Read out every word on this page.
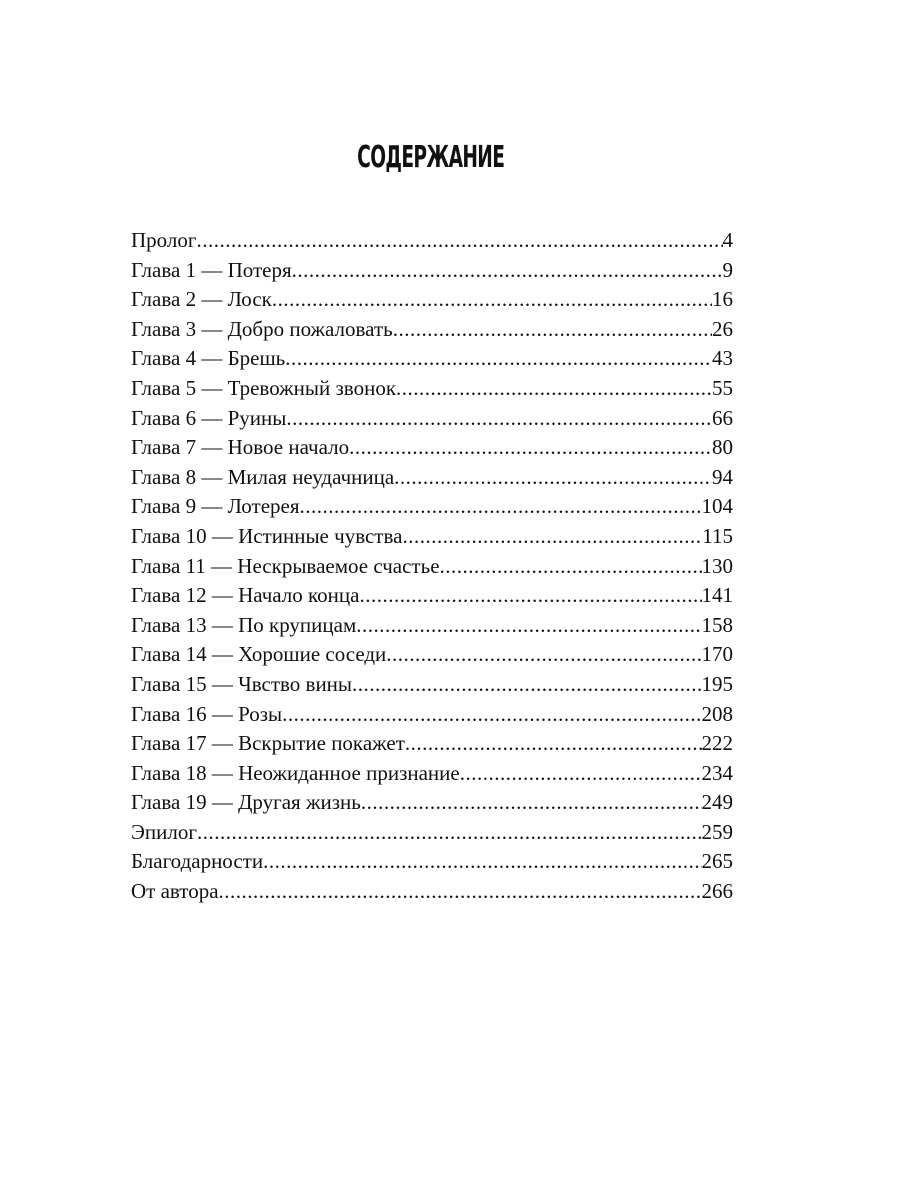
СОДЕРЖАНИЕ
Пролог .....	4
Глава 1 — Потеря .....	9
Глава 2 — Лоск .....	16
Глава 3 — Добро пожаловать .....	26
Глава 4 — Брешь .....	43
Глава 5 — Тревожный звонок .....	55
Глава 6 — Руины .....	66
Глава 7 — Новое начало .....	80
Глава 8 — Милая неудачница .....	94
Глава 9 — Лотерея .....	104
Глава 10 — Истинные чувства .....	115
Глава 11 — Нескрываемое счастье .....	130
Глава 12 — Начало конца .....	141
Глава 13 — По крупицам .....	158
Глава 14 — Хорошие соседи .....	170
Глава 15 — Чвство вины .....	195
Глава 16 — Розы .....	208
Глава 17 — Вскрытие покажет .....	222
Глава 18 — Неожиданное признание .....	234
Глава 19 — Другая жизнь .....	249
Эпилог .....	259
Благодарности .....	265
От автора .....	266
